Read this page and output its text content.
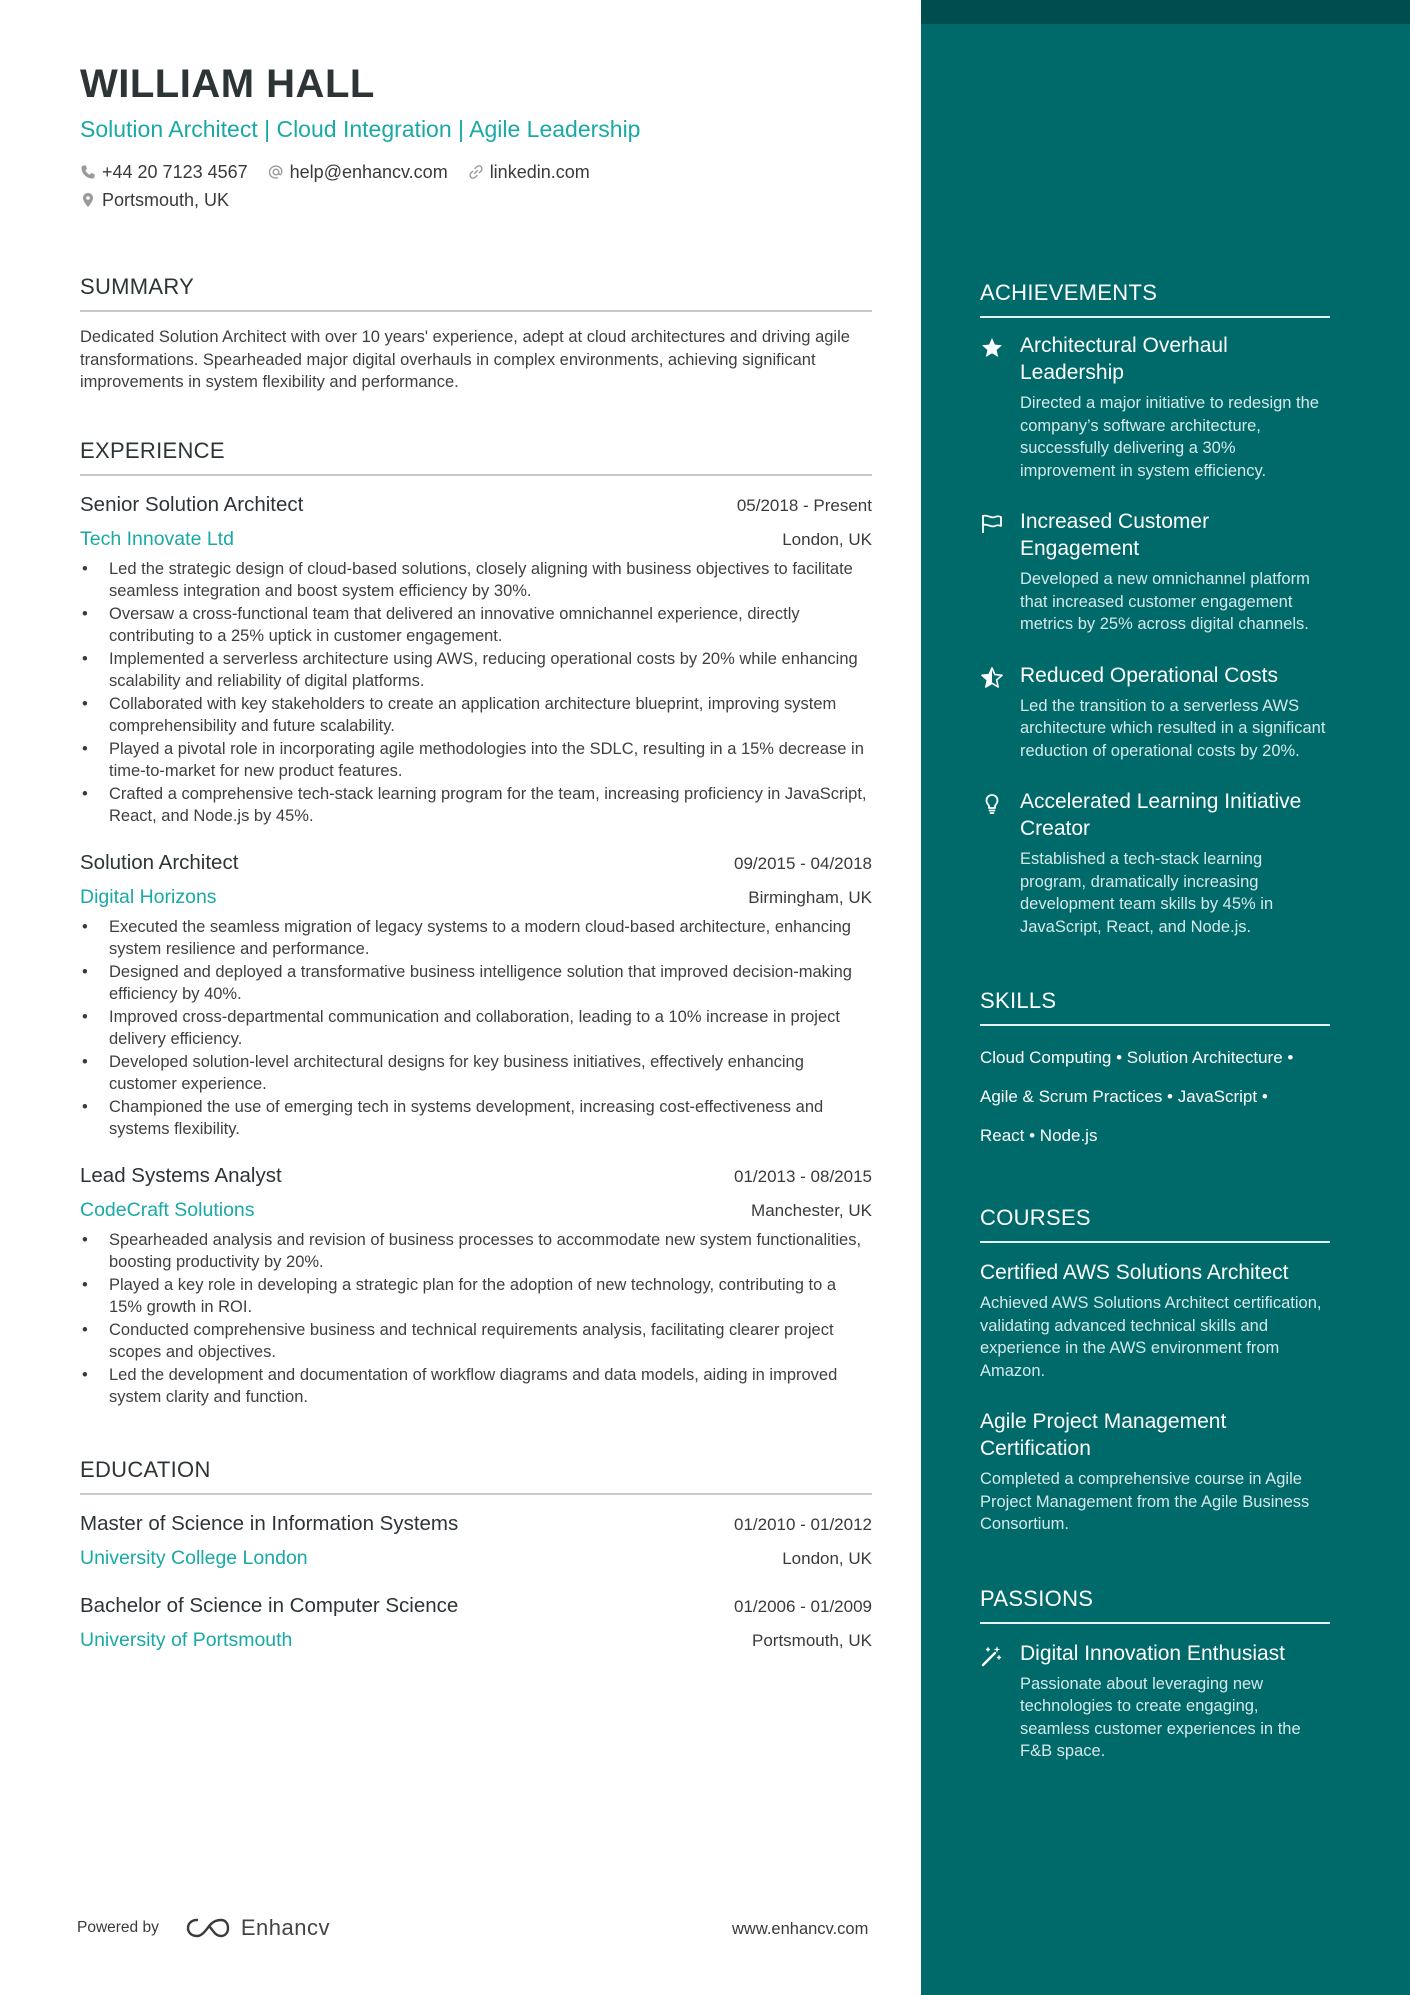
WILLIAM HALL
Solution Architect | Cloud Integration | Agile Leadership
+44 20 7123 4567 help@enhancv.com linkedin.com
Portsmouth, UK
SUMMARY
Dedicated Solution Architect with over 10 years' experience, adept at cloud architectures and driving agile transformations. Spearheaded major digital overhauls in complex environments, achieving significant improvements in system flexibility and performance.
EXPERIENCE
Senior Solution Architect	05/2018 - Present
Tech Innovate Ltd	London, UK
• Led the strategic design of cloud-based solutions, closely aligning with business objectives to facilitate seamless integration and boost system efficiency by 30%.
• Oversaw a cross-functional team that delivered an innovative omnichannel experience, directly contributing to a 25% uptick in customer engagement.
• Implemented a serverless architecture using AWS, reducing operational costs by 20% while enhancing scalability and reliability of digital platforms.
• Collaborated with key stakeholders to create an application architecture blueprint, improving system comprehensibility and future scalability.
• Played a pivotal role in incorporating agile methodologies into the SDLC, resulting in a 15% decrease in time-to-market for new product features.
• Crafted a comprehensive tech-stack learning program for the team, increasing proficiency in JavaScript, React, and Node.js by 45%.
Solution Architect	09/2015 - 04/2018
Digital Horizons	Birmingham, UK
• Executed the seamless migration of legacy systems to a modern cloud-based architecture, enhancing system resilience and performance.
• Designed and deployed a transformative business intelligence solution that improved decision-making efficiency by 40%.
• Improved cross-departmental communication and collaboration, leading to a 10% increase in project delivery efficiency.
• Developed solution-level architectural designs for key business initiatives, effectively enhancing customer experience.
• Championed the use of emerging tech in systems development, increasing cost-effectiveness and systems flexibility.
Lead Systems Analyst	01/2013 - 08/2015
CodeCraft Solutions	Manchester, UK
• Spearheaded analysis and revision of business processes to accommodate new system functionalities, boosting productivity by 20%.
• Played a key role in developing a strategic plan for the adoption of new technology, contributing to a 15% growth in ROI.
• Conducted comprehensive business and technical requirements analysis, facilitating clearer project scopes and objectives.
• Led the development and documentation of workflow diagrams and data models, aiding in improved system clarity and function.
EDUCATION
Master of Science in Information Systems	01/2010 - 01/2012
University College London	London, UK
Bachelor of Science in Computer Science	01/2006 - 01/2009
University of Portsmouth	Portsmouth, UK
Powered by	Enhancv	www.enhancv.com
ACHIEVEMENTS
Architectural Overhaul Leadership
Directed a major initiative to redesign the company’s software architecture, successfully delivering a 30% improvement in system efficiency.
Increased Customer Engagement
Developed a new omnichannel platform that increased customer engagement metrics by 25% across digital channels.
Reduced Operational Costs
Led the transition to a serverless AWS architecture which resulted in a significant reduction of operational costs by 20%.
Accelerated Learning Initiative Creator
Established a tech-stack learning program, dramatically increasing development team skills by 45% in JavaScript, React, and Node.js.
SKILLS
Cloud Computing • Solution Architecture •
Agile & Scrum Practices • JavaScript •
React • Node.js
COURSES
Certified AWS Solutions Architect
Achieved AWS Solutions Architect certification, validating advanced technical skills and experience in the AWS environment from Amazon.
Agile Project Management Certification
Completed a comprehensive course in Agile Project Management from the Agile Business Consortium.
PASSIONS
Digital Innovation Enthusiast
Passionate about leveraging new technologies to create engaging, seamless customer experiences in the F&B space.
